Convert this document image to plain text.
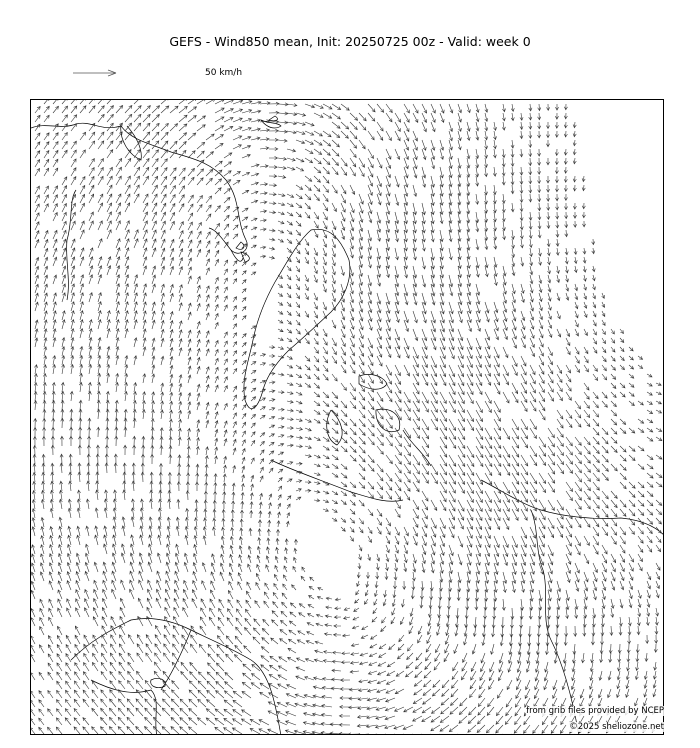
GEFS - Wind850 mean, Init: 20250725 00z - Valid: week 0
50 km/h
from grib files provided by NCEP
©2025 sheliozone.net
